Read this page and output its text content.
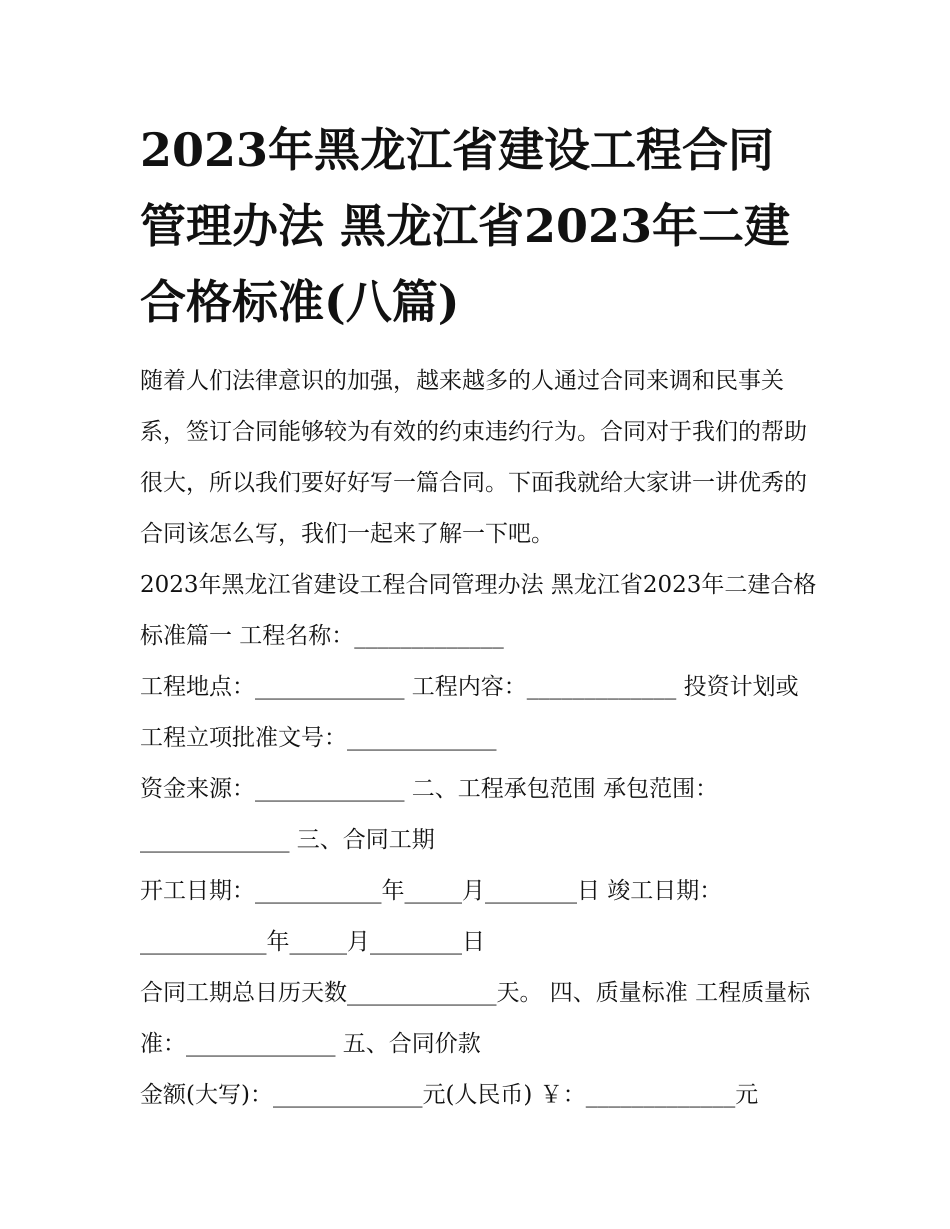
2023年黑龙江省建设工程合同管理办法 黑龙江省2023年二建合格标准(八篇)

随着人们法律意识的加强，越来越多的人通过合同来调和民事关系，签订合同能够较为有效的约束违约行为。合同对于我们的帮助很大，所以我们要好好写一篇合同。下面我就给大家讲一讲优秀的合同该怎么写，我们一起来了解一下吧。

2023年黑龙江省建设工程合同管理办法 黑龙江省2023年二建合格标准篇一 工程名称：_____________

工程地点：_____________ 工程内容：_____________ 投资计划或工程立项批准文号：_____________

资金来源：_____________ 二、工程承包范围 承包范围：_____________ 三、合同工期

开工日期：___________年_____月________日 竣工日期：___________年_____月________日

合同工期总日历天数_____________天。 四、质量标准 工程质量标准：_____________ 五、合同价款

金额(大写)：_____________元(人民币) ￥：_____________元
